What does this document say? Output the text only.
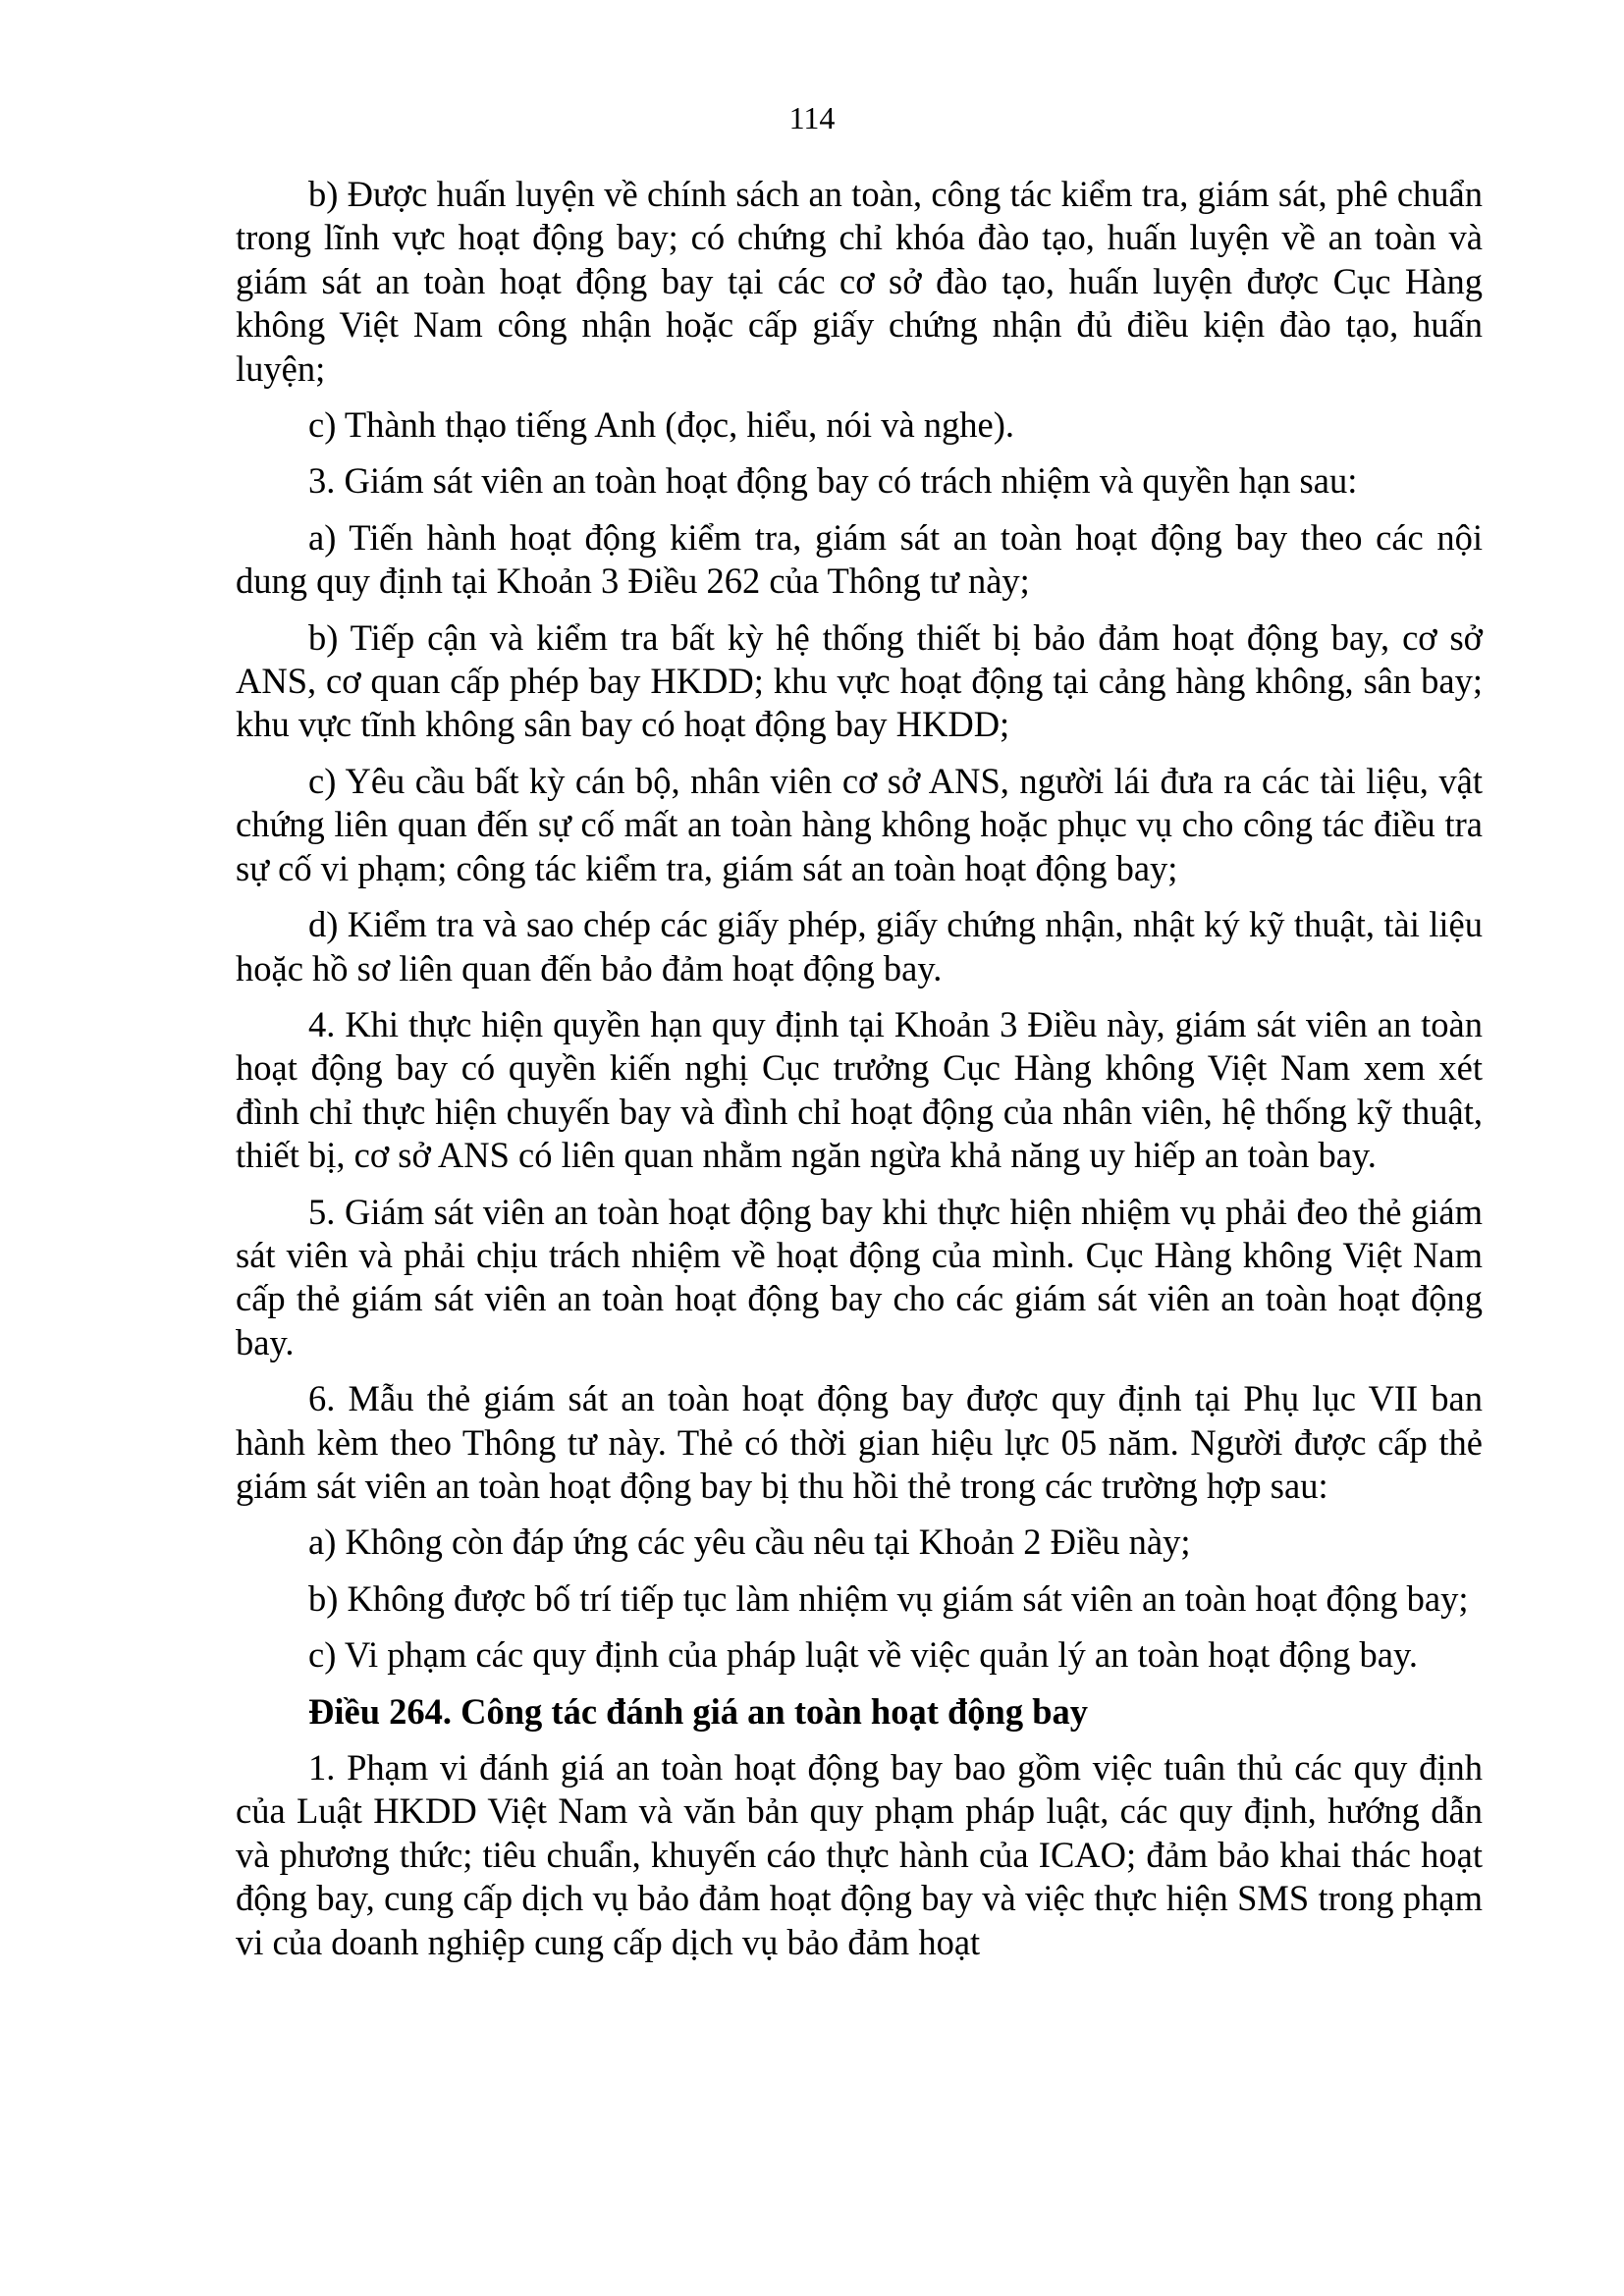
114

b) Được huấn luyện về chính sách an toàn, công tác kiểm tra, giám sát, phê chuẩn trong lĩnh vực hoạt động bay; có chứng chỉ khóa đào tạo, huấn luyện về an toàn và giám sát an toàn hoạt động bay tại các cơ sở đào tạo, huấn luyện được Cục Hàng không Việt Nam công nhận hoặc cấp giấy chứng nhận đủ điều kiện đào tạo, huấn luyện;

c) Thành thạo tiếng Anh (đọc, hiểu, nói và nghe).

3. Giám sát viên an toàn hoạt động bay có trách nhiệm và quyền hạn sau:

a) Tiến hành hoạt động kiểm tra, giám sát an toàn hoạt động bay theo các nội dung quy định tại Khoản 3 Điều 262 của Thông tư này;

b) Tiếp cận và kiểm tra bất kỳ hệ thống thiết bị bảo đảm hoạt động bay, cơ sở ANS, cơ quan cấp phép bay HKDD; khu vực hoạt động tại cảng hàng không, sân bay; khu vực tĩnh không sân bay có hoạt động bay HKDD;

c) Yêu cầu bất kỳ cán bộ, nhân viên cơ sở ANS, người lái đưa ra các tài liệu, vật chứng liên quan đến sự cố mất an toàn hàng không hoặc phục vụ cho công tác điều tra sự cố vi phạm; công tác kiểm tra, giám sát an toàn hoạt động bay;

d) Kiểm tra và sao chép các giấy phép, giấy chứng nhận, nhật ký kỹ thuật, tài liệu hoặc hồ sơ liên quan đến bảo đảm hoạt động bay.

4. Khi thực hiện quyền hạn quy định tại Khoản 3 Điều này, giám sát viên an toàn hoạt động bay có quyền kiến nghị Cục trưởng Cục Hàng không Việt Nam xem xét đình chỉ thực hiện chuyến bay và đình chỉ hoạt động của nhân viên, hệ thống kỹ thuật, thiết bị, cơ sở ANS có liên quan nhằm ngăn ngừa khả năng uy hiếp an toàn bay.

5. Giám sát viên an toàn hoạt động bay khi thực hiện nhiệm vụ phải đeo thẻ giám sát viên và phải chịu trách nhiệm về hoạt động của mình. Cục Hàng không Việt Nam cấp thẻ giám sát viên an toàn hoạt động bay cho các giám sát viên an toàn hoạt động bay.

6. Mẫu thẻ giám sát an toàn hoạt động bay được quy định tại Phụ lục VII ban hành kèm theo Thông tư này. Thẻ có thời gian hiệu lực 05 năm. Người được cấp thẻ giám sát viên an toàn hoạt động bay bị thu hồi thẻ trong các trường hợp sau:

a) Không còn đáp ứng các yêu cầu nêu tại Khoản 2 Điều này;

b) Không được bố trí tiếp tục làm nhiệm vụ giám sát viên an toàn hoạt động bay;

c) Vi phạm các quy định của pháp luật về việc quản lý an toàn hoạt động bay.

Điều 264. Công tác đánh giá an toàn hoạt động bay

1. Phạm vi đánh giá an toàn hoạt động bay bao gồm việc tuân thủ các quy định của Luật HKDD Việt Nam và văn bản quy phạm pháp luật, các quy định, hướng dẫn và phương thức; tiêu chuẩn, khuyến cáo thực hành của ICAO; đảm bảo khai thác hoạt động bay, cung cấp dịch vụ bảo đảm hoạt động bay và việc thực hiện SMS trong phạm vi của doanh nghiệp cung cấp dịch vụ bảo đảm hoạt
